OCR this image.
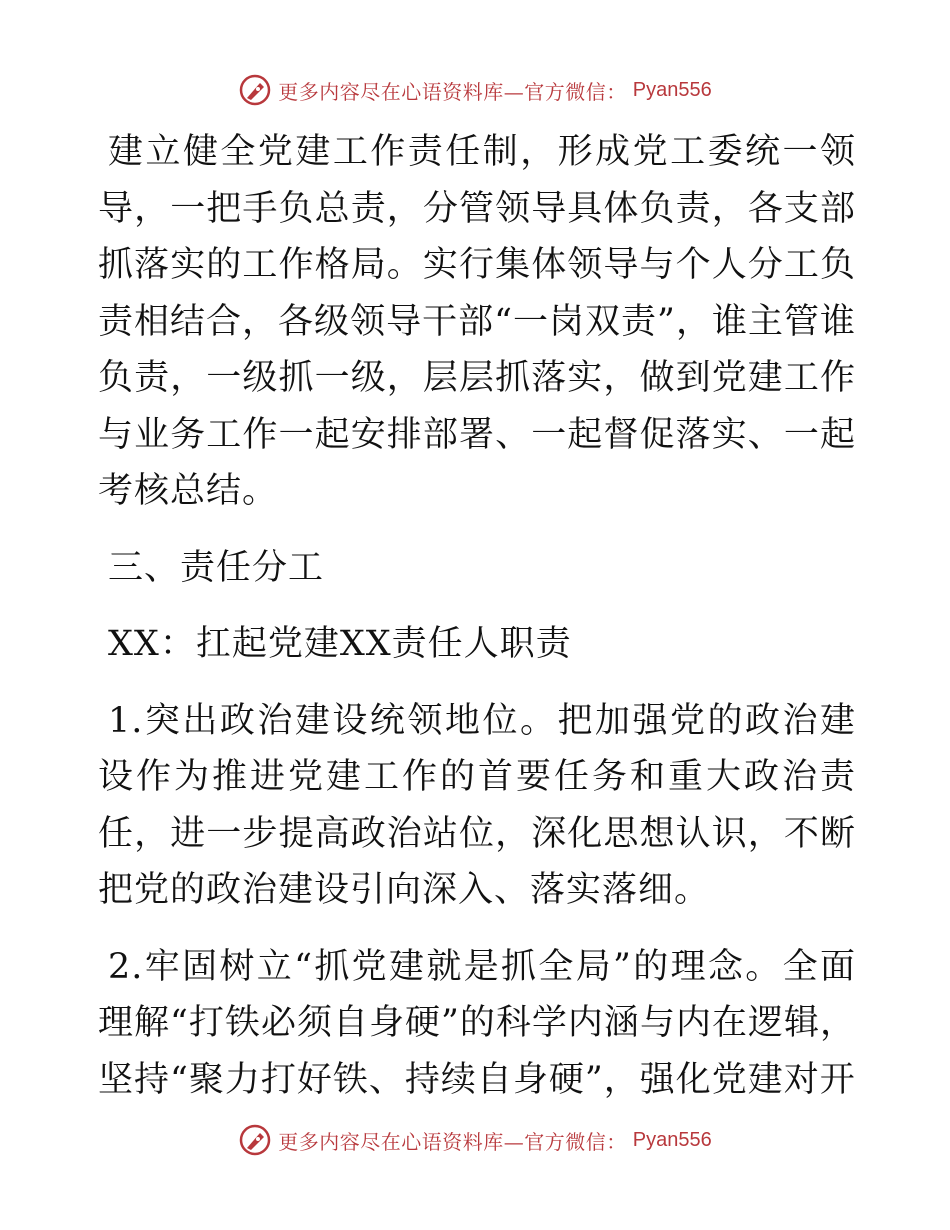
更多内容尽在心语资料库—官方微信： Pyan556

建立健全党建工作责任制，形成党工委统一领导，一把手负总责，分管领导具体负责，各支部抓落实的工作格局。实行集体领导与个人分工负责相结合，各级领导干部“一岗双责”，谁主管谁负责，一级抓一级，层层抓落实，做到党建工作与业务工作一起安排部署、一起督促落实、一起考核总结。

三、责任分工

XX：扛起党建XX责任人职责

1.突出政治建设统领地位。把加强党的政治建设作为推进党建工作的首要任务和重大政治责任，进一步提高政治站位，深化思想认识，不断把党的政治建设引向深入、落实落细。

2.牢固树立“抓党建就是抓全局”的理念。全面理解“打铁必须自身硬”的科学内涵与内在逻辑，坚持“聚力打好铁、持续自身硬”，强化党建对开

更多内容尽在心语资料库—官方微信： Pyan556
